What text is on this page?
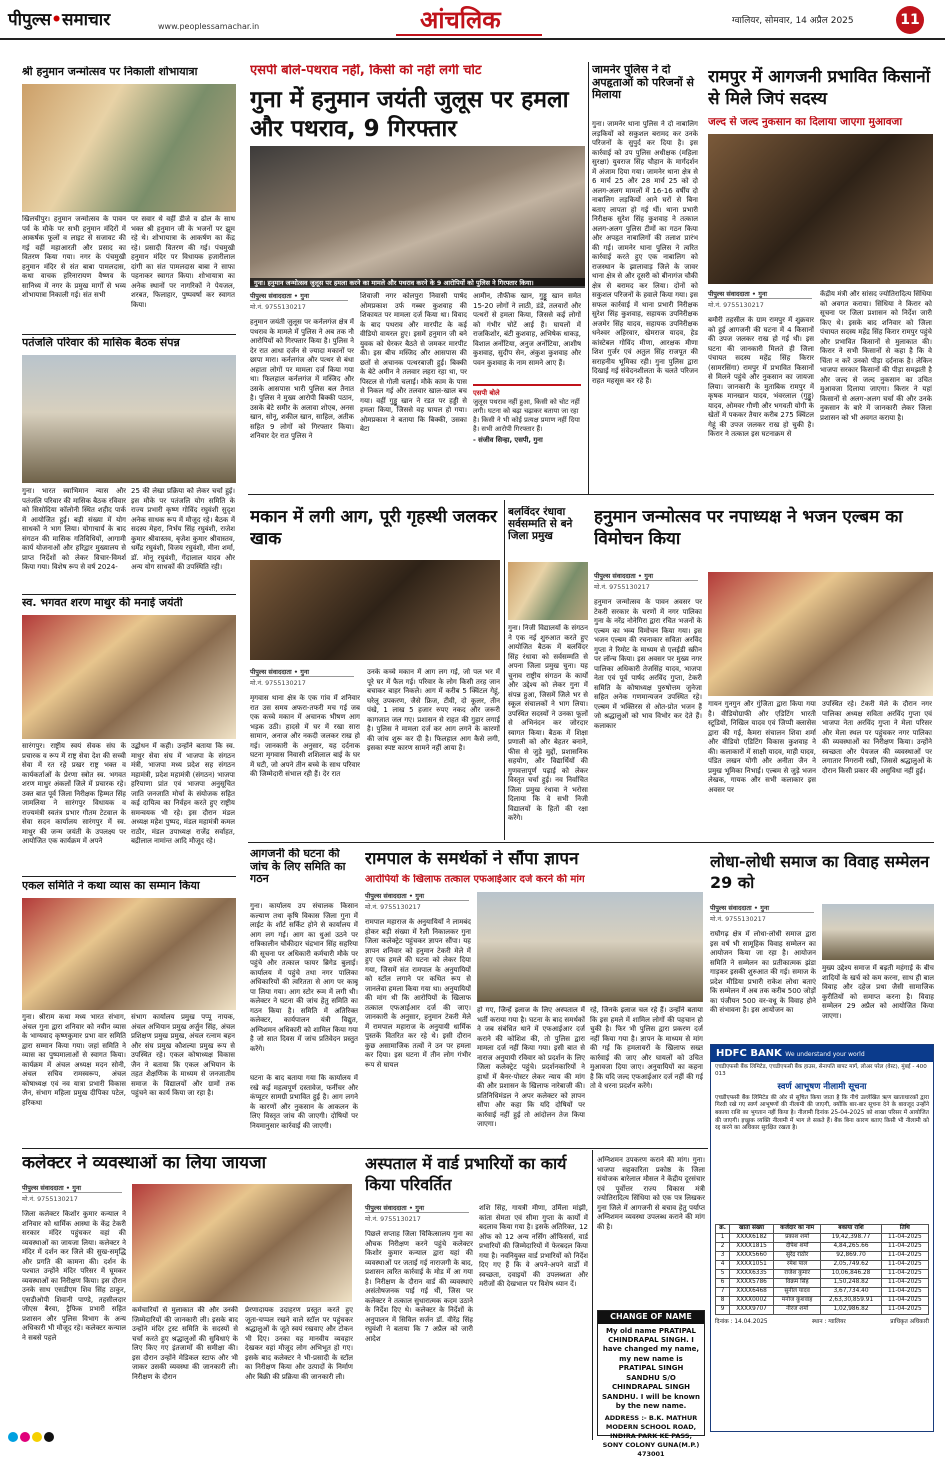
पीपुल्स•समाचार	www.peoplessamachar.in	आंचलिक	ग्वालियर, सोमवार, 14 अप्रैल 2025	11
श्री हनुमान जन्मोत्सव पर निकाली शोभायात्रा
खिलचीपुर। हनुमान जन्मोत्सव के पावन पर्व के मौके पर सभी हनुमान मंदिरों में आकर्षक फूलों व लाइट से सजावट की गई वहीं महाआरती और प्रसाद का वितरण किया गया। नगर के पंचमुखी हनुमान मंदिर से संत बाबा पामलदास, कथा वाचक हरिनारायण वैष्णव के सानिध्य में नगर के प्रमुख मार्गों से भव्य शोभायात्रा निकाली गई। संत सभी
पर सवार थे वहीं डीजे व ढोल के साथ भक्त श्री हनुमान जी के भजनों पर झूम रहे थे। शोभायात्रा के आकर्षण का केंद्र रहे। प्रसादी वितरण की गई। पंचमुखी हनुमान मंदिर पर विधायक हजारीलाल दांगी का संत पामलदास बाबा ने साफा पहनाकर स्वागत किया। शोभायात्रा का अनेक स्थानों पर नागरिकों ने पेयजल, शरबत, फिलाहार, पुष्पवर्षा कर स्वागत किया।
पतंजलि परिवार की मासिक बैठक संपन्न
गुना। भारत स्वाभिमान न्यास और पतंजलि परिवार की मासिक बैठक रविवार को सिसोदिया कॉलोनी स्थित शहीद पार्क में आयोजित हुई। बड़ी संख्या में योग साधकों ने भाग लिया। योगाचार्य के बाद संगठन की मासिक गतिविधियों, आगामी कार्य योजनाओं और हरिद्वार मुख्यालय से प्राप्त निर्देशों को लेकर विचार-विमर्श किया गया। विशेष रूप से वर्ष 2024-
25 की लेखा प्रक्रिया को लेकर चर्चा हुई। इस मौके पर पतंजलि योग समिति के राज्य प्रभारी कृष्ण गोविंद रघुवंशी सुदृश अनेक साधक रूप में मौजूद रहे। बैठक में सदस्य मेहरा, निर्भय सिंह रघुवंशी, राजेश कुमार श्रीवास्तव, बृजेश कुमार श्रीवास्तव, धर्मेंद्र रघुवंशी, विजय रघुवंशी, मीना शर्मा, डॉ. मोनू रघुवंशी, गेंदालाल यादव और अन्य योग साधकों की उपस्थिति रही।
स्व. भगवत शरण माथुर की मनाई जयंती
सारंगपुर। राष्ट्रीय स्वयं सेवक संघ के प्रचारक व रूप में राष्ट्र सेवा देश की सच्ची सेवा में रत रहे प्रखर राष्ट्र भक्त व कार्यकर्ताओं के प्रेरणा स्त्रोत स्व. भगवत शरण माथुर अंकलों जिले में प्रचारक रहे। उक्त बात पूर्व जिला निरीक्षक हिम्मत सिंह जामलिया ने सारंगपुर विधायक व राज्यमंत्री स्वतंत्र प्रभार गौतम टेटवाल के सेवा सदन कार्यालय सारंगपुर में स्व. माथुर की जन्म जयंती के उपलक्ष्य पर आयोजित एक कार्यक्रम में अपने
उद्बोधन में कही। उन्होंने बताया कि स्व. माथुर सेवा संघ में भाजपा के संगठन मंत्री, भाजपा मध्य प्रदेश सह संगठन महामंत्री, प्रदेश महामंत्री (संगठन) भाजपा हरियाणा प्रांत एवं भाजपा अनुसूचित जाति जनजाति मोर्चा के संयोजक सहित कई दायित्व का निर्वहन करते हुए राष्ट्रीय समन्वयक भी रहे। इस दौरान मंडल अध्यक्ष महेश पुष्पद, मंडल महामंत्री कमल राठौर, मंडल उपाध्यक्ष राजेंद्र सर्वाहत, बद्रीलाल नामांन्त आदि मौजूद रहे।
एकल समिति ने कथा व्यास का सम्मान किया
गुना। श्रीराम कथा मध्य भारत संभाग, अंचल गुना द्वारा शनिवार को नवीन व्यास के भाग्यवाद कृष्णकुमार प्रभा वार समिति द्वारा सम्मान किया गया। जहां समिति ने व्यास का पुष्पमालाओं से स्वागत किया। कार्यक्रम में अंचल अध्यक्ष मदन सोनी, अंचल सचिव रामस्वरूप, अंचल कोषाध्यक्ष एवं नव यात्रा प्रभारी विकास जैन, संभाग महिला प्रमुख दीपिका पटेल, हरिकथा
संभाग कार्यालय प्रमुख पप्पू नायक, अंचल अभियान प्रमुख अर्जुन सिंह, अंचल प्रशिक्षण प्रमुख प्रमुख, अंचल रत्नाम बहन और संघ प्रमुख कौशल्या प्रमुख रूप से उपस्थित रहे। एकल कोषाध्यक्ष विकास जैन ने बताया कि एकल अभियान के तहत शैक्षणिक के माध्यम से जनजातीय समाज के विद्यालयों और ग्रामों तक पहुंचने का कार्य किया जा रहा है।
एसपी बोले-पथराव नहीं, किसी को नहीं लगी चोट
गुना में हनुमान जयंती जुलूस पर हमला और पथराव, 9 गिरफ्तार
गुना। हनुमान जन्मोत्सव जुलूस पर हमला करने का मामले और पथराव करने के 9 आरोपियों को पुलिस ने गिरफ्तार किया।
पीपुल्स संवाददाता • गुना
मो.नं. 9755130217
हनुमान जयंती जुलूस पर कर्नलगंज क्षेत्र में पथराव के मामले में पुलिस ने अब तक नौ आरोपियों को गिरफ्तार किया है। पुलिस ने देर रात आधा दर्जन से ज्यादा मकानों पर छापा मारा। कर्नलगंज और पत्थर से बंधा अहाता लोगों पर मामला दर्ज किया गया था। फिलहाल कर्नलगंज में मस्जिद और उसके आसपास भारी पुलिस बल तैनात है। पुलिस ने मुख्य आरोपी बिक्की पठान, उसके बेटे समीर के अलावा शोएब, अनस खान, सोनू, शकील खान, साहिल, अतीक सहित 9 लोगों को गिरफ्तार किया। शनिवार देर रात पुलिस ने
शिवाजी नगर कोलपुरा निवासी पार्षद ओमप्रकाश उर्फ गब्बर कुशवाह की शिकायत पर मामला दर्ज किया था। विवाद के बाद पथराव और मारपीट के कई वीडियो वायरल हुए। इसमें हनुमान जी बने युवक को घेरकर बैठते से जमकर मारपीट की। इस बीच मस्जिद और आसपास की छतों से अचानक पत्थरबाजी हुई। बिक्की के बेटे अमीन ने तलवार लहरा रहा था, पर पिस्टल से गोली चलाई। मौके काम के पास से निकल गई और तलवार खाल-खाल बच गया। वहीं गुड्डू खान ने रडत पर हड्डी से हमला किया, जिससे वह घायल हो गया। ओमप्रकाश ने बताया कि बिक्की, उसका बेटा
आमीन, तौफीक खान, गुड्डू खान समेत 15-20 लोगों ने लाठी, डंडे, तलवारों और पत्थरों से हमला किया, जिससे कई लोगों को गंभीर चोटें आई हैं। घायलों में राजकिशोर, बंटी कुशवाह, अभिषेक धाकड़, विशाल अर्नोटिया, अनुज अर्नोटिया, आशीष कुशवाह, सुदीप सेन, अंकुश कुशवाह और पवन कुशवाह के नाम सामने आए हैं।
एसपी बोले
जुलूस पथराव नहीं हुआ, किसी को चोट नहीं लगी। घटना को बढ़ा चढ़ाकर बताया जा रहा है। किसी ने भी कोई प्रत्यक्ष प्रमाण नहीं दिया है। सभी आरोपी गिरफ्तार हैं।
- संजीव सिन्हा, एसपी, गुना
जामनेर पुलिस ने दो अपहृताओं को परिजनों से मिलाया
गुना। जामनेर थाना पुलिस ने दो नाबालिग लड़कियों को सकुशल बरामद कर उनके परिजनों के सुपुर्द कर दिया है। इस कार्रवाई को उप पुलिस अधीक्षक (महिला सुरक्षा) युवराज सिंह चौहान के मार्गदर्शन में अंजाम दिया गया। जामनेर थाना क्षेत्र से 6 मार्च 25 और 28 मार्च 25 को दो अलग-अलग मामलों में 16-16 वर्षीय दो नाबालिग लड़कियों आने घरों से बिना बताए लापता हो गई थीं। थाना प्रभारी निरीक्षक सुरेश सिंह कुशवाह ने तत्काल अलग-अलग पुलिस टीमों का गठन किया और अपहृत नाबालिगों की तलाश प्रारंभ की गई। जामनेर थाना पुलिस ने त्वरित कार्रवाई करते हुए एक नाबालिग को राजस्थान के झालावाड़ जिले के जावर थाना क्षेत्र से और दूसरी को बीनागंज चौकी क्षेत्र से बरामद कर लिया। दोनों को सकुशल परिजनों के हवाले किया गया। इस सफल कार्रवाई में थाना प्रभारी निरीक्षक सुरेश सिंह कुशवाह, सहायक उपनिरीक्षक अजमेर सिंह यादव, सहायक उपनिरीक्षक धनेश्वर अहिरवार, खेमराज यादव, हेड कांस्टेबल गोविंद मीणा, आरक्षक मीणा शिश गुर्जर एवं अतुल सिंह राजपूत की सराहनीय भूमिका रही। गुना पुलिस द्वारा दिखाई गई संवेदनशीलता के चलते परिजन राहत महसूस कर रहे हैं।
रामपुर में आगजनी प्रभावित किसानों से मिले जिपं सदस्य
जल्द से जल्द नुकसान का दिलाया जाएगा मुआवजा
पीपुल्स संवाददाता • गुना
मो.नं. 9755130217
बमौरी तहसील के ग्राम रामपुर में शुक्रवार को हुई आगजनी की घटना में 4 किसानों की उपज जलकर राख हो गई थी। इस घटना की जानकारी मिलते ही जिला पंचायत सदस्य महेंद्र सिंह किरार (सामरसिंगा) रामपुर में प्रभावित किसानों से मिलने पहुंचे और नुकसान का जायजा लिया। जानकारी के मुताबिक रामपुर में कृषक मानखान यादव, भंवरलाल (गुड्डू) यादव, ओमवर गौणी और भगवती योगी के खेतों में पककर तैयार करीब 275 क्विंटल गेहूं की उपज जलकर राख हो चुकी है। किरार ने तत्काल इस घटनाक्रम से
केंद्रीय मंत्री और सांसद ज्योतिरादित्य सिंधिया को अवगत कराया। सिंधिया ने किरार को सूचना पर जिला प्रशासन को निर्देश जारी किए थे। इसके बाद शनिवार को जिला पंचायत सदस्य महेंद्र सिंह किरार रामपुर पहुंचे और प्रभावित किसानों से मुलाकात की। किरार ने सभी किसानों से कहा है कि वे चिंता न करें उनको पीड़ा दर्दनाक है। लेकिन भाजपा सरकार किसानों की पीड़ा समझती है और जल्द से जल्द नुकसान का उचित मुआवजा दिलाया जाएगा। किरार ने यहां किसानों से अलग-अलग चर्चा की और उनके नुकसान के बारे में जानकारी लेकर जिला प्रशासन को भी अवगत कराया है।
मकान में लगी आग, पूरी गृहस्थी जलकर खाक
पीपुल्स संवाददाता • गुना
मो.नं. 9755130217
मृगवास थाना क्षेत्र के एक गांव में शनिवार रात उस समय अफरा-तफरी मच गई जब एक कच्चे मकान में अचानक भीषण आग भड़क उठी। हादसे में घर में रखा सारा सामान, अनाज और नकदी जलकर राख हो गई। जानकारी के अनुसार, यह दर्दनाक घटना मृगवास निवासी शशिलाल बाई के घर में घटी, जो अपने तीन बच्चे के साथ परिवार की जिम्मेदारी संभाल रही हैं। देर रात
उनके कच्चे मकान में आग लग गई, जो पल भर में पूरे घर में फैल गई। परिवार के लोग किसी तरह जान बचाकर बाहर निकले। आग में करीब 5 क्विंटल गेहूं, घरेलू उपकरण, जैसे फ्रिज, टीवी, दो कूलर, तीन पंखे, 1 लाख 5 हजार रुपए नकद और जरूरी कागजात जल गए। प्रशासन से राहत की गुहार लगाई है। पुलिस ने मामला दर्ज कर आग लगने के कारणों की जांच शुरू कर दी है। फिलहाल आग कैसे लगी, इसका स्पष्ट कारण सामने नहीं आया है।
बलविंदर रंधावा सर्वसम्मति से बने जिला प्रमुख
गुना। निजी विद्यालयों के संगठन ने एक नई शुरुआत करते हुए आयोजित बैठक में बलविंदर सिंह रंधावा को सर्वसम्मति से अपना जिला प्रमुख चुना। यह चुनाव राष्ट्रीय संगठन के कार्यों और उद्देश्य को लेकर गुना में संपन्न हुआ, जिसमें जिले भर से स्कूल संचालकों ने भाग लिया। उपस्थित सदस्यों ने उनका फूलों से अभिनंदन कर जोरदार स्वागत किया। बैठक में शिक्षा प्रणाली को और बेहतर बनाने, फीस से जुड़े मुद्दों, प्रशासनिक सहयोग, और विद्यार्थियों की गुणवत्तापूर्ण पढ़ाई को लेकर विस्तृत चर्चा हुई। नव निर्वाचित जिला प्रमुख रंधावा ने भरोसा दिलाया कि वे सभी निजी विद्यालयों के हितों की रक्षा करेंगे।
हनुमान जन्मोत्सव पर नपाध्यक्ष ने भजन एल्बम का विमोचन किया
पीपुल्स संवाददाता • गुना
मो.नं. 9755130217
हनुमान जन्मोत्सव के पावन अवसर पर टेकरी सरकार के चरणों में नगर पालिका गुना के नरेंद्र नोनेगिरा द्वारा रचित भजनों के एल्बम का भव्य विमोचन किया गया। इस भजन एल्बम की रचनाकार सविता अरविंद गुप्ता ने रिमोट के माध्यम से एलईडी स्क्रीन पर लॉन्च किया। इस अवसर पर मुख्य नगर पालिका अधिकारी तेजसिंह यादव, भाजपा नेता एवं पूर्व पार्षद अरविंद गुप्ता, टेकरी समिति के कोषाध्यक्ष पुरुषोत्तम जुनेजा सहित अनेक गणमान्यजन उपस्थित रहे। एल्बम में भक्तिरस से ओत-प्रोत भजन हैं जो श्रद्धालुओं को भाव विभोर कर देते हैं। कलाकार
गायन गुनगुन और गुंजिता द्वारा किया गया है। वीडियोग्राफी और एडिटिंग भारती स्टूडियो, निखिल यादव एवं जिप्पी क्लासेस द्वारा की गई, कैमरा संचालन शिवा शर्मा और वीडियो एडिटिंग विकास कुशवाह ने की। कलाकारों में साक्षी यादव, माही यादव, पंडित लखन योगी और अनीता जैन ने प्रमुख भूमिका निभाई। एल्बम से जुड़े भजन लेखक, गायक और सभी कलाकार इस अवसर पर
उपस्थित रहे। टेकरी मेले के दौरान नगर पालिका अध्यक्ष सविता अरविंद गुप्ता एवं भाजपा नेता अरविंद गुप्ता ने मेला परिसर और मेला स्थल पर पहुंचकर नगर पालिका की व्यवस्थाओं का निरीक्षण किया। उन्होंने स्वच्छता और पेयजल की व्यवस्थाओं पर लगातार निगरानी रखी, जिससे श्रद्धालुओं के दौरान किसी प्रकार की असुविधा नहीं हुई।
आगजनी की घटना की जांच के लिए समिति का गठन
गुना। कार्यालय उप संचालक किसान कल्याण तथा कृषि विकास जिला गुना में लाईट के शॉर्ट सर्किट होने से कार्यालय में आग लग गई। आग का धुआं उठने पर रात्रिकालीन चौकीदार चंद्रभान सिंह सहरिया की सूचना पर अधिकारी कर्मचारी मौके पर पहुंचे और तत्काल फायर ब्रिगेड बुलाई। कार्यालय में पहुंचे तथा नगर पालिका अधिकारियों की त्वरितता से आग पर काबू पा लिया गया। आग स्टोर रूम में लगी थी। कलेक्टर ने घटना की जांच हेतु समिति का गठन किया है। समिति में अतिरिक्त कलेक्टर, कार्यपालन यंत्री विद्युत, अग्निशमन अधिकारी को शामिल किया गया है जो सात दिवस में जांच प्रतिवेदन प्रस्तुत करेंगे।
घटना के बाद बताया गया कि कार्यालय में रखे कई महत्वपूर्ण दस्तावेज, फर्नीचर और कंप्यूटर सामग्री प्रभावित हुई है। आग लगने के कारणों और नुकसान के आकलन के लिए विस्तृत जांच की जाएगी। दोषियों पर नियमानुसार कार्रवाई की जाएगी।
रामपाल के समर्थकों ने सौंपा ज्ञापन
आरोपियों के खिलाफ तत्काल एफआईआर दर्ज करने की मांग
पीपुल्स संवाददाता • गुना
मो.नं. 9755130217
रामपाल महाराज के अनुयायियों ने लामबंद होकर बड़ी संख्या में रैली निकालकर गुना जिला कलेक्ट्रेट पहुंचकर ज्ञापन सौंपा। यह ज्ञापन शनिवार को हनुमान टेकरी मेले में हुए एक हमले की घटना को लेकर दिया गया, जिसमें संत रामपाल के अनुयायियों को स्टॉल लगाने पर कथित रूप से जानलेवा हमला किया गया था। अनुयायियों की मांग थी कि आरोपियों के खिलाफ तत्काल एफआईआर दर्ज की जाए। जानकारी के अनुसार, हनुमान टेकरी मेले में रामपाल महाराज के अनुयायी धार्मिक पुस्तकें वितरित कर रहे थे। इसी दौरान कुछ असामाजिक तत्वों ने उन पर हमला कर दिया। इस घटना में तीन लोग गंभीर रूप से घायल
हो गए, जिन्हें इलाज के लिए अस्पताल में भर्ती कराया गया है। घटना के बाद समर्थकों ने जब संबंधित थाने में एफआईआर दर्ज कराने की कोशिश की, तो पुलिस द्वारा मामला दर्ज नहीं किया गया। इसी बात से नाराज अनुयायी रविवार को प्रदर्शन के लिए जिला कलेक्ट्रेट पहुंचे। प्रदर्शनकारियों ने हाथों में बैनर-पोस्टर लेकर न्याय की मांग की और प्रशासन के खिलाफ नारेबाजी की। प्रतिनिधिमंडल ने अपर कलेक्टर को ज्ञापन सौंपा और कहा कि यदि दोषियों पर कार्रवाई नहीं हुई तो आंदोलन तेज किया जाएगा।
रहे, जिनके इलाज चल रहे हैं। उन्होंने बताया कि इस हमले में शामिल लोगों की पहचान हो चुकी है। फिर भी पुलिस द्वारा प्रकरण दर्ज नहीं किया गया है। ज्ञापन के माध्यम से मांग की गई कि हमलावरों के खिलाफ सख्त कार्रवाई की जाए और घायलों को उचित मुआवजा दिया जाए। अनुयायियों का कहना है कि यदि जल्द एफआईआर दर्ज नहीं की गई तो वे धरना प्रदर्शन करेंगे।
लोधा-लोधी समाज का विवाह सम्मेलन 29 को
पीपुल्स संवाददाता • गुना
मो.नं. 9755130217
राघौगढ़ क्षेत्र में लोधा-लोधी समाज द्वारा इस वर्ष भी सामूहिक विवाह सम्मेलन का आयोजन किया जा रहा है। आयोजन समिति ने सम्मेलन का प्रतीकात्मक झंडा गाड़कर इसकी शुरुआत की गई। समाज के प्रदेश मीडिया प्रभारी राकेश लोधा बताएं कि सम्मेलन में अब तक करीब 500 जोड़ों का पंजीयन 500 वर-वधू के विवाह होने की संभावना है। इस आयोजन का
मुख्य उद्देश्य समाज में बढ़ती महंगाई के बीच शादियों के खर्च को कम करना, साथ ही बाल विवाह और दहेज प्रथा जैसी सामाजिक कुरीतियों को समाप्त करना है। विवाह सम्मेलन 29 अप्रैल को आयोजित किया जाएगा।
HDFC BANK We understand your world
एचडीएफसी बैंक लिमिटेड, एचडीएफसी बैंक हाउस, सेनापति बापट मार्ग, लोअर परेल (वेस्ट), मुंबई - 400 013
स्वर्ण आभूषण नीलामी सूचना
एचडीएफसी बैंक लिमिटेड की ओर से सूचित किया जाता है कि नीचे उल्लेखित ऋण खाताधारकों द्वारा गिरवी रखे गए स्वर्ण आभूषणों की नीलामी की जाएगी, क्योंकि बार-बार सूचना देने के बावजूद उन्होंने बकाया राशि का भुगतान नहीं किया है। नीलामी दिनांक 25-04-2025 को शाखा परिसर में आयोजित की जाएगी। इच्छुक व्यक्ति नीलामी में भाग ले सकते हैं। बैंक बिना कारण बताए किसी भी नीलामी को रद्द करने का अधिकार सुरक्षित रखता है।
क्र.	खाता संख्या	कर्जदार का नाम	बकाया राशि	तिथि
1	XXXX6182	प्रकाश शर्मा	19,42,398.77	11-04-2025
2	XXXX1815	दीपेश शर्मा	4,84,265.66	11-04-2025
3	XXXX5660	सुरेंद्र राठौर	92,869.70	11-04-2025
4	XXXX1051	रमेश पाल	2,05,749.62	11-04-2025
5	XXXX6335	राजेश कुमार	10,06,846.28	11-04-2025
6	XXXX5786	विक्रम सिंह	1,50,248.82	11-04-2025
7	XXXX6468	सुनील यादव	3,67,734.40	11-04-2025
8	XXXX0002	मनोज कुशवाह	2,63,30,859.91	11-04-2025
9	XXXX9707	नीरज शर्मा	1,02,986.82	11-04-2025
दिनांक : 14.04.2025	स्थान : ग्वालियर	प्राधिकृत अधिकारी
कलेक्टर ने व्यवस्थाओं का लिया जायजा
पीपुल्स संवाददाता • गुना
मो.नं. 9755130217
जिला कलेक्टर किशोर कुमार कन्याल ने शनिवार को धार्मिक आस्था के केंद्र टेकरी सरकार मंदिर पहुंचकर वहां की व्यवस्थाओं का जायजा लिया। कलेक्टर ने मंदिर में दर्शन कर जिले की सुख-समृद्धि और प्रगति की कामना की। दर्शन के पश्चात उन्होंने मंदिर परिसर में घूमकर व्यवस्थाओं का निरीक्षण किया। इस दौरान उनके साथ एसडीएम शिव सिंह ठाकुर, एसडीओपी शिवानी पाण्डे, तहसीलदार जीएस बैरवा, ट्रैफिक प्रभारी सहित प्रशासन और पुलिस विभाग के अन्य अधिकारी भी मौजूद रहे। कलेक्टर कन्याल ने सबसे पहले
कर्मचारियों से मुलाकात की और उनकी जिम्मेदारियों की जानकारी ली। इसके बाद उन्होंने मंदिर ट्रस्ट समिति के सदस्यों से चर्चा करते हुए श्रद्धालुओं की सुविधाएं के लिए किए गए इंतजामों की समीक्षा की। इस दौरान उन्होंने मेडिकल स्टाफ और भी जाकर उसकी व्यवस्था की जानकारी ली। निरीक्षण के दौरान
प्रेरणादायक उदाहरण प्रस्तुत करते हुए जूता-चप्पल रखने वाले स्टॉल पर पहुंचकर श्रद्धालुओं के जूते स्वयं रखवाए और टोकन भी दिए। उनका यह मानवीय व्यवहार देखकर वहां मौजूद लोग अभिभूत हो गए। इसके बाद कलेक्टर ने भी-प्रसादी के स्टॉल का निरीक्षण किया और उत्पादों के निर्माण और बिक्री की प्रक्रिया की जानकारी ली।
अस्पताल में वार्ड प्रभारियों का कार्य किया परिवर्तित
पीपुल्स संवाददाता • गुना
मो.नं. 9755130217
पिछले सप्ताह जिला चिकित्सालय गुना का औचक निरीक्षण करने पहुंचे कलेक्टर किशोर कुमार कन्याल द्वारा यहां की व्यवस्थाओं पर जताई गई नाराजगी के बाद, प्रशासन त्वरित कार्रवाई के मोड में आ गया है। निरीक्षण के दौरान वार्ड की व्यवस्थाएं असंतोषजनक पाई गई थीं, जिस पर कलेक्टर ने तत्काल सुधारात्मक कदम उठाने के निर्देश दिए थे। कलेक्टर के निर्देशों के अनुपालन में सिविल सर्जन डॉ. वीरेंद्र सिंह रघुवंशी ने बताया कि 7 अप्रैल को जारी आदेश
शशि सिंह, गायत्री मीणा, उर्मिला मांझी, कांता सेमता एवं सीमा गुप्ता के कार्यों में बदलाव किया गया है। इसके अतिरिक्त, 12 ऑफ को 12 अन्य नर्सिंग ऑफिसर्स, वार्ड प्रभारियों की जिम्मेदारियों में फेरबदल किया गया है। नवनियुक्त वार्ड प्रभारियों को निर्देश दिए गए हैं कि वे अपने-अपने वार्डों में स्वच्छता, दवाइयों की उपलब्धता और मरीजों की देखभाल पर विशेष ध्यान दें।
अग्निशमन उपकरण कराने की मांग। गुना। भाजपा सहकारिता प्रकोष्ठ के जिला संयोजक बारेलाल मौसल ने केंद्रीय दूरसंचार एवं पूर्वोत्तर राज्य विकास मंत्री ज्योतिरादित्य सिंधिया को एक पत्र लिखकर गुना जिले में आगजनी से बचाव हेतु पर्याप्त अग्निशमन व्यवस्था उपलब्ध कराने की मांग की है।
CHANGE OF NAME
My old name PRATIPAL CHINDRAPAL SINGH. I have changed my name, my new name is PRATIPAL SINGH SANDHU S/O CHINDRAPAL SINGH SANDHU. I will be known by the new name.
ADDRESS :- B.K. MATHUR MODERN SCHOOL ROAD, INDIRA PARK KE PASS, SONY COLONY GUNA(M.P.) 473001
